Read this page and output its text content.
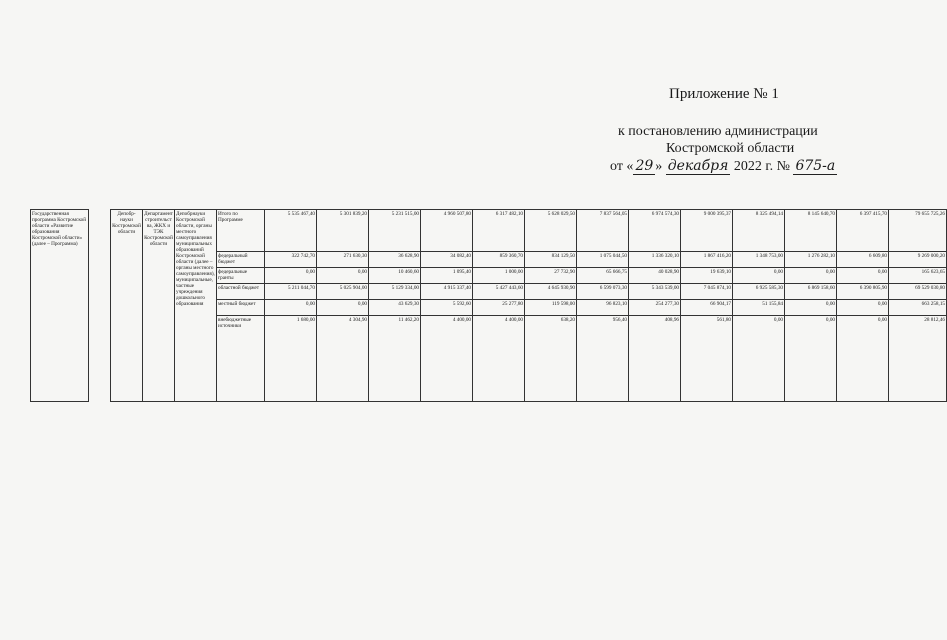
Приложение № 1
к постановлению администрации
Костромской области
от « 29 » декабря 2022 г. № 675-а
Государственная программа Костромской области «Развитие образования Костромской области» (далее – Программа)		Депобр-науки Костромской области	Департамент строительства, ЖКХ и ТЭК Костромской области	Депобрнауки Костромской области, органы местного самоуправления муниципальных образований Костромской области (далее – органы местного самоуправления), муниципальные, частные учреждения дошкольного образования	Итого по Программе	5 535 467,40	5 301 839,20	5 231 515,00	4 960 507,80	6 317 482,10	5 628 029,50	7 837 564,05	6 974 574,30	9 000 395,37	8 325 494,14	8 145 640,70	6 397 415,70	79 655 725,26
					федеральный бюджет	322 742,70	271 630,30	36 628,90	34 082,40	859 360,70	834 129,50	1 075 044,50	1 336 320,10	1 867 416,20	1 348 753,00	1 276 282,10	6 609,80	9 269 000,20
					федеральные гранты	0,00	0,00	10 460,60	1 095,40	1 000,00	27 732,90	65 666,75	40 028,90	19 639,10	0,00	0,00	0,00	165 623,65
					областной бюджет	5 211 044,70	5 025 904,00	5 129 334,00	4 915 337,40	5 427 443,60	4 645 930,90	6 599 073,30	5 343 539,00	7 045 874,10	6 925 585,30	6 869 158,60	6 390 805,90	69 529 030,80
					местный бюджет	0,00	0,00	43 629,30	5 592,60	25 277,80	119 598,00	96 823,10	254 277,30	66 904,17	51 155,84	0,00	0,00	663 258,15
					внебюджетные источники	1 680,00	4 304,90	11 462,20	4 400,00	4 400,00	638,20	956,40	408,96	561,80	0,00	0,00	0,00	28 812,46
